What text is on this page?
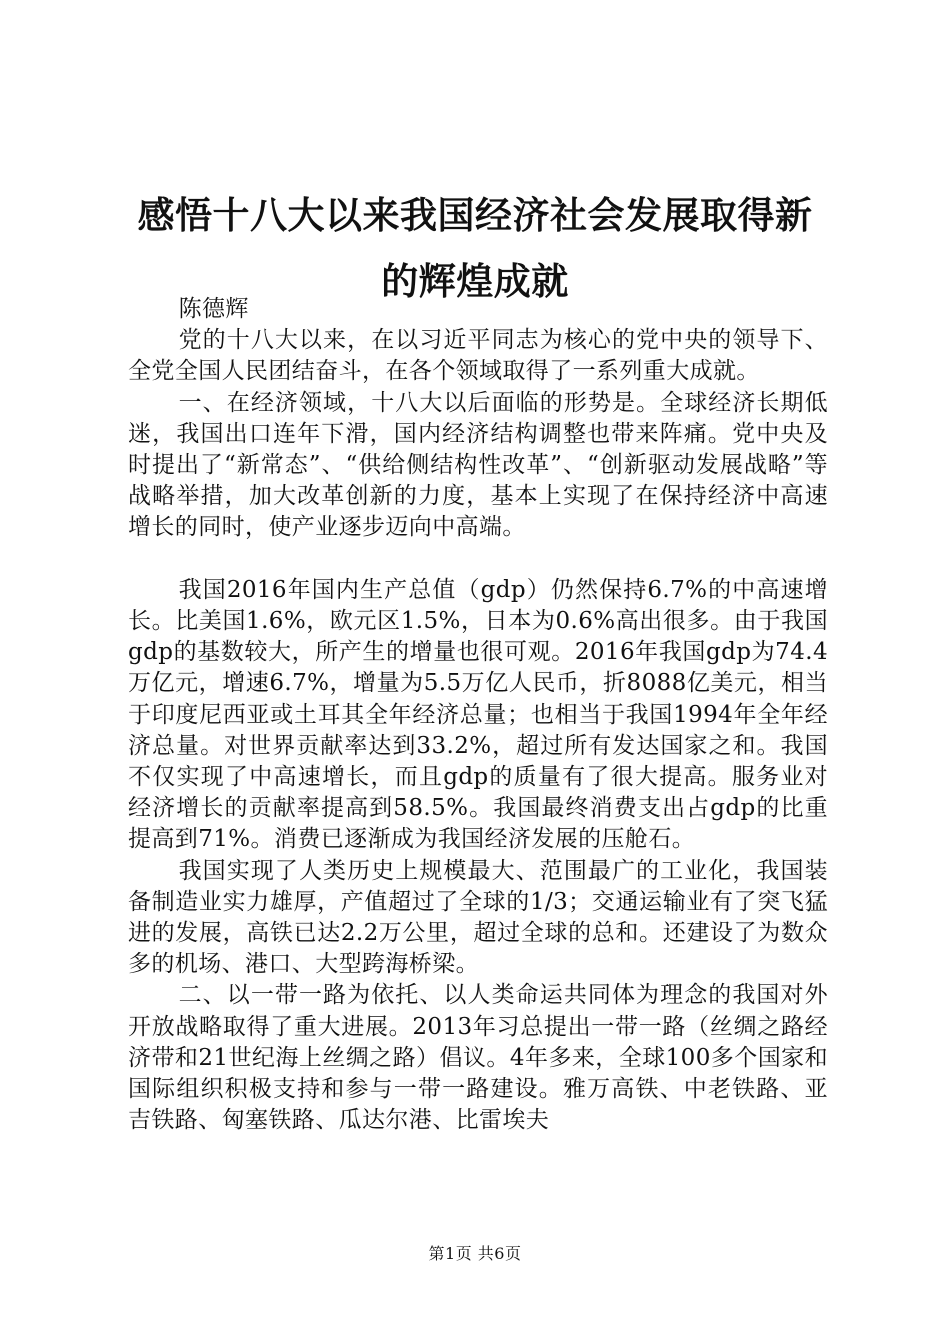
感悟十八大以来我国经济社会发展取得新的辉煌成就

陈德辉

党的十八大以来，在以习近平同志为核心的党中央的领导下、全党全国人民团结奋斗，在各个领域取得了一系列重大成就。

一、在经济领域，十八大以后面临的形势是。全球经济长期低迷，我国出口连年下滑，国内经济结构调整也带来阵痛。党中央及时提出了“新常态”、“供给侧结构性改革”、“创新驱动发展战略”等战略举措，加大改革创新的力度，基本上实现了在保持经济中高速增长的同时，使产业逐步迈向中高端。

我国2016年国内生产总值（gdp）仍然保持6.7%的中高速增长。比美国1.6%，欧元区1.5%，日本为0.6%高出很多。由于我国gdp的基数较大，所产生的增量也很可观。2016年我国gdp为74.4万亿元，增速6.7%，增量为5.5万亿人民币，折8088亿美元，相当于印度尼西亚或土耳其全年经济总量；也相当于我国1994年全年经济总量。对世界贡献率达到33.2%，超过所有发达国家之和。我国不仅实现了中高速增长，而且gdp的质量有了很大提高。服务业对经济增长的贡献率提高到58.5%。我国最终消费支出占gdp的比重提高到71%。消费已逐渐成为我国经济发展的压舱石。

我国实现了人类历史上规模最大、范围最广的工业化，我国装备制造业实力雄厚，产值超过了全球的1/3；交通运输业有了突飞猛进的发展，高铁已达2.2万公里，超过全球的总和。还建设了为数众多的机场、港口、大型跨海桥梁。

二、以一带一路为依托、以人类命运共同体为理念的我国对外开放战略取得了重大进展。2013年习总提出一带一路（丝绸之路经济带和21世纪海上丝绸之路）倡议。4年多来，全球100多个国家和国际组织积极支持和参与一带一路建设。雅万高铁、中老铁路、亚吉铁路、匈塞铁路、瓜达尔港、比雷埃夫

第1页 共6页
